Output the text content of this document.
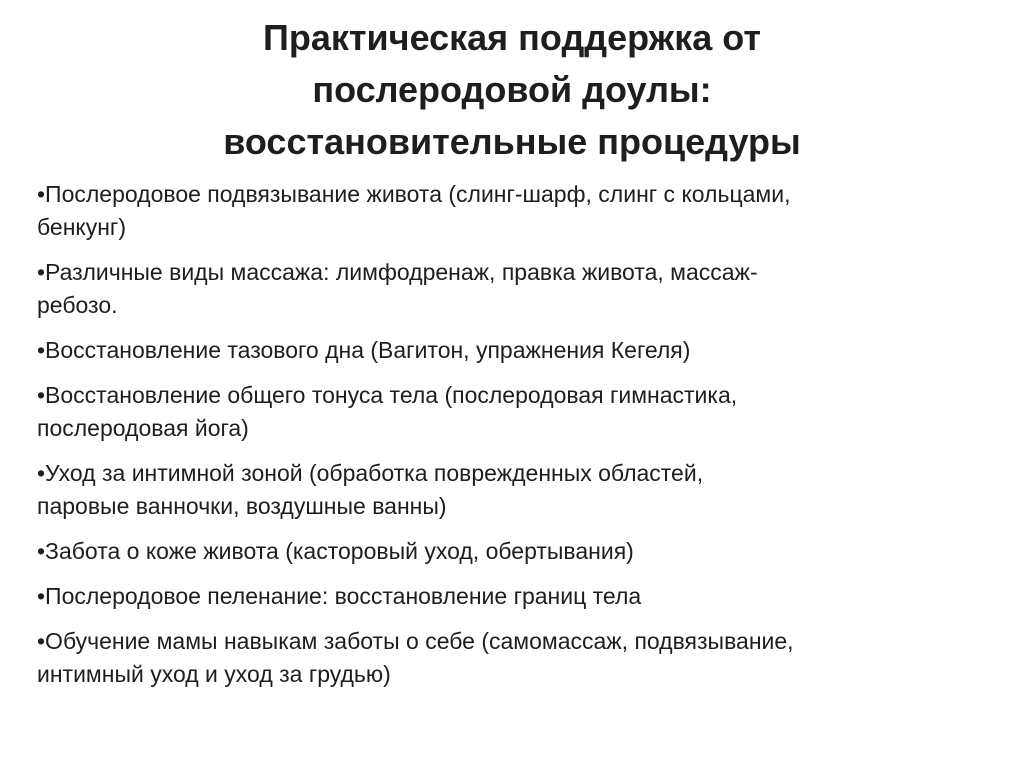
Практическая поддержка от
послеродовой доулы:
восстановительные процедуры
•Послеродовое подвязывание живота (слинг-шарф, слинг с кольцами,
бенкунг)
•Различные виды массажа: лимфодренаж, правка живота, массаж-
ребозо.
•Восстановление тазового дна (Вагитон, упражнения Кегеля)
•Восстановление общего тонуса тела (послеродовая гимнастика,
послеродовая йога)
•Уход за интимной зоной (обработка поврежденных областей,
паровые ванночки, воздушные ванны)
•Забота о коже живота (касторовый уход, обертывания)
•Послеродовое пеленание: восстановление границ тела
•Обучение мамы навыкам заботы о себе (самомассаж, подвязывание,
интимный уход и уход за грудью)
